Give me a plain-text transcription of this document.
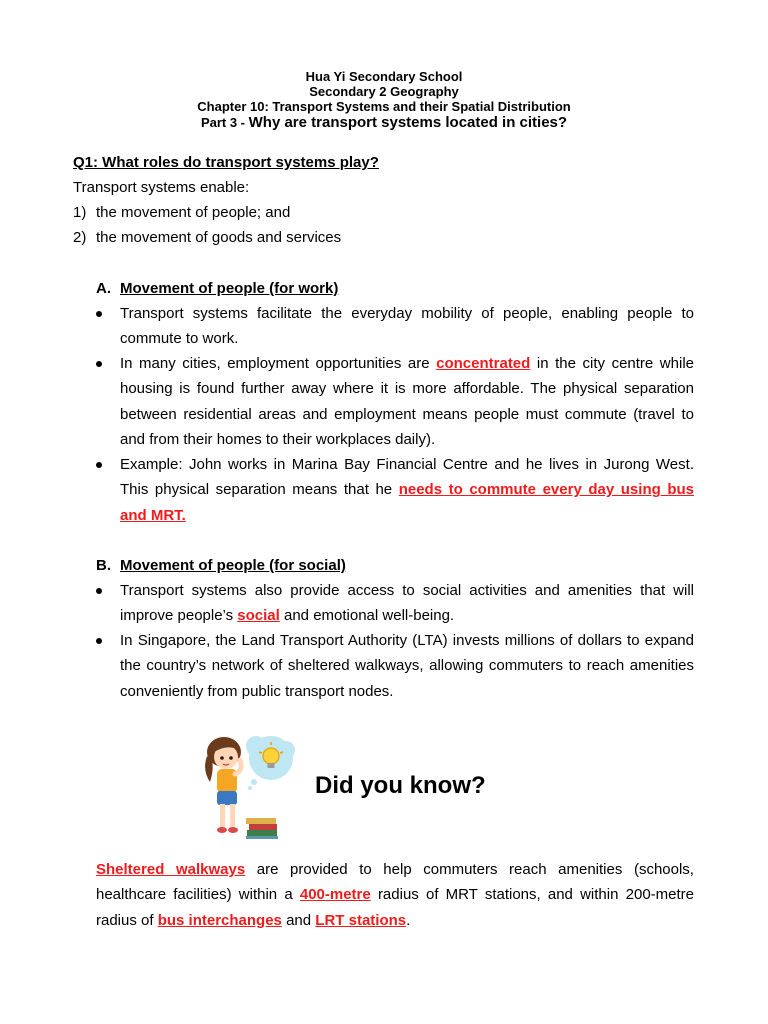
Hua Yi Secondary School
Secondary 2 Geography
Chapter 10: Transport Systems and their Spatial Distribution
Part 3 - Why are transport systems located in cities?
Q1: What roles do transport systems play?
Transport systems enable:
1) the movement of people; and
2) the movement of goods and services
A. Movement of people (for work)
Transport systems facilitate the everyday mobility of people, enabling people to commute to work.
In many cities, employment opportunities are concentrated in the city centre while housing is found further away where it is more affordable. The physical separation between residential areas and employment means people must commute (travel to and from their homes to their workplaces daily).
Example: John works in Marina Bay Financial Centre and he lives in Jurong West. This physical separation means that he needs to commute every day using bus and MRT.
B. Movement of people (for social)
Transport systems also provide access to social activities and amenities that will improve people’s social and emotional well-being.
In Singapore, the Land Transport Authority (LTA) invests millions of dollars to expand the country’s network of sheltered walkways, allowing commuters to reach amenities conveniently from public transport nodes.
Did you know?
Sheltered walkways are provided to help commuters reach amenities (schools, healthcare facilities) within a 400-metre radius of MRT stations, and within 200-metre radius of bus interchanges and LRT stations.
